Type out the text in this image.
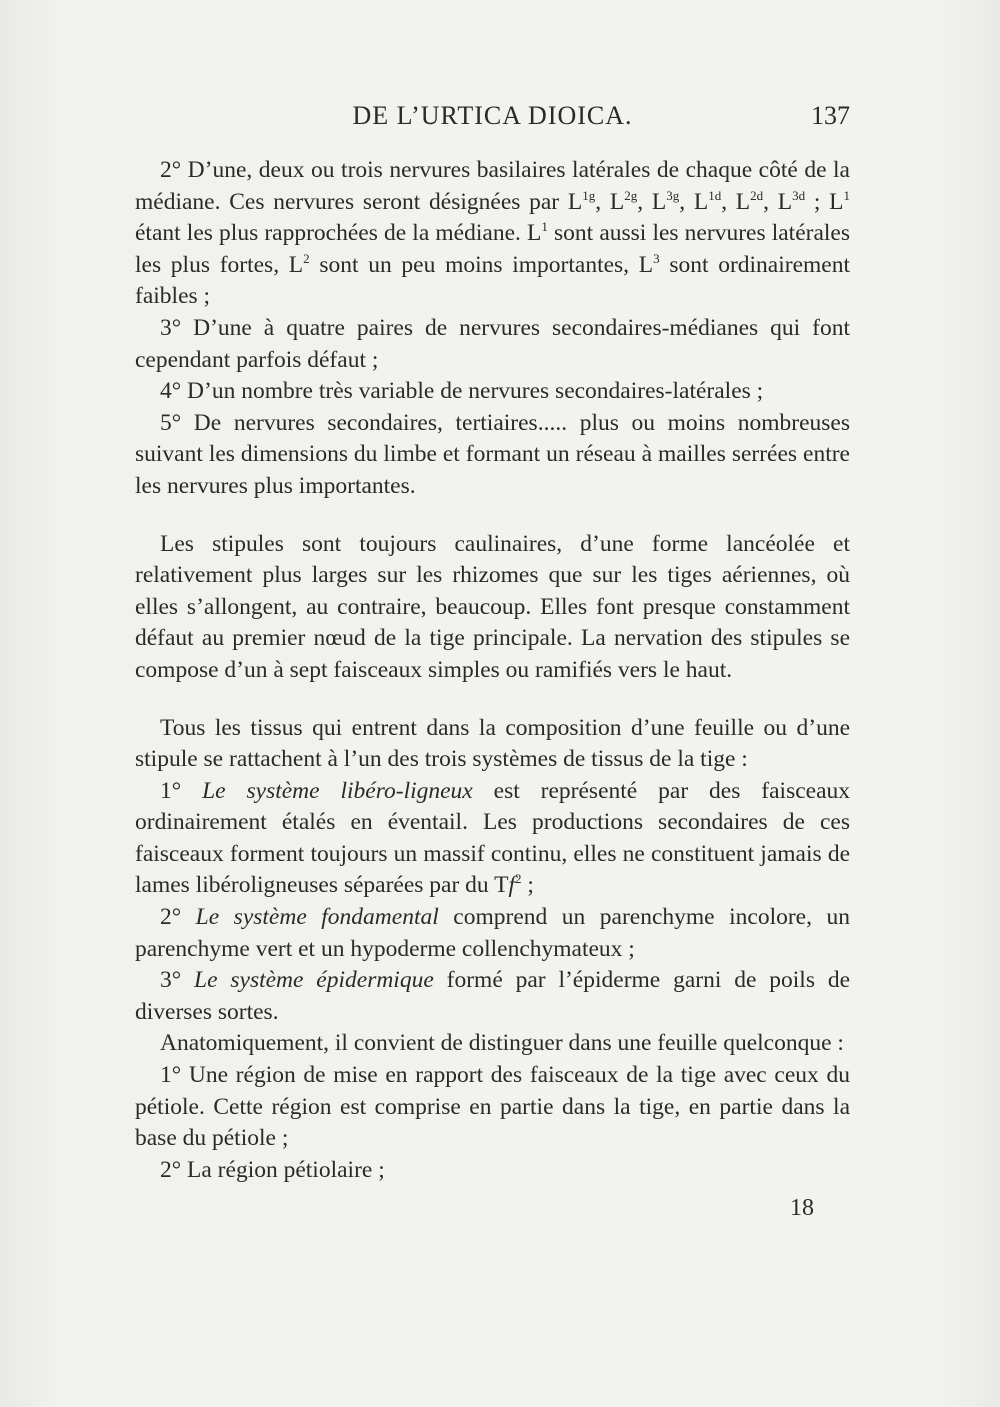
DE L’URTICA DIOICA.	137

2° D’une, deux ou trois nervures basilaires latérales de chaque côté de la médiane. Ces nervures seront désignées par $L^{1g}$, $L^{2g}$, $L^{3g}$, $L^{1d}$, $L^{2d}$, $L^{3d}$ ; $L^1$ étant les plus rapprochées de la médiane. $L^1$ sont aussi les nervures latérales les plus fortes, $L^2$ sont un peu moins importantes, $L^3$ sont ordinairement faibles ;

3° D’une à quatre paires de nervures secondaires-médianes qui font cependant parfois défaut ;

4° D’un nombre très variable de nervures secondaires-latérales ;

5° De nervures secondaires, tertiaires..... plus ou moins nombreuses suivant les dimensions du limbe et formant un réseau à mailles serrées entre les nervures plus importantes.

Les stipules sont toujours caulinaires, d’une forme lancéolée et relativement plus larges sur les rhizomes que sur les tiges aériennes, où elles s’allongent, au contraire, beaucoup. Elles font presque constamment défaut au premier nœud de la tige principale. La nervation des stipules se compose d’un à sept faisceaux simples ou ramifiés vers le haut.

Tous les tissus qui entrent dans la composition d’une feuille ou d’une stipule se rattachent à l’un des trois systèmes de tissus de la tige :

1° Le système libéro-ligneux est représenté par des faisceaux ordinairement étalés en éventail. Les productions secondaires de ces faisceaux forment toujours un massif continu, elles ne constituent jamais de lames libéroligneuses séparées par du Tf$^2$ ;

2° Le système fondamental comprend un parenchyme incolore, un parenchyme vert et un hypoderme collenchymateux ;

3° Le système épidermique formé par l’épiderme garni de poils de diverses sortes.

Anatomiquement, il convient de distinguer dans une feuille quelconque :

1° Une région de mise en rapport des faisceaux de la tige avec ceux du pétiole. Cette région est comprise en partie dans la tige, en partie dans la base du pétiole ;

2° La région pétiolaire ;

18
